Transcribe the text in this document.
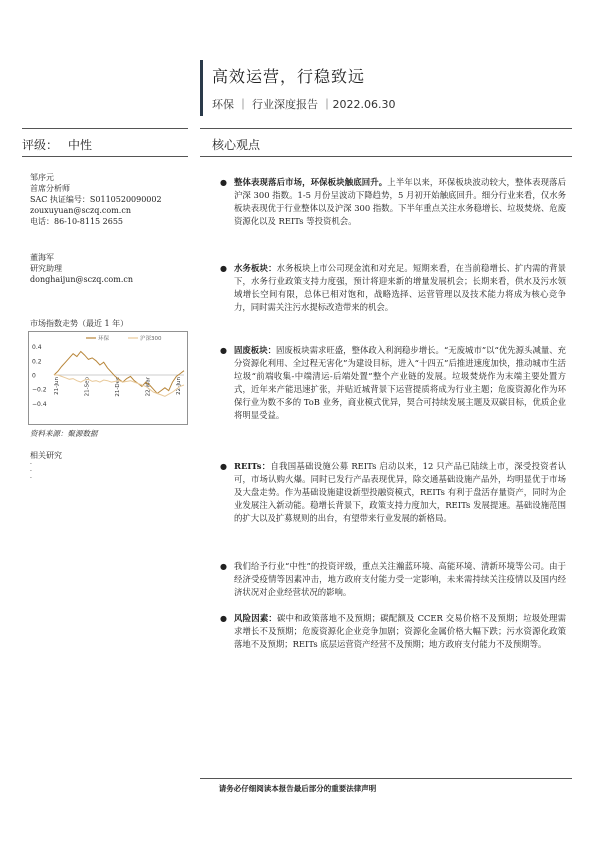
高效运营，行稳致远
环保 ｜ 行业深度报告 ｜2022.06.30
评级： 中性	核心观点
邹序元
首席分析师
SAC 执证编号：S0110520090002
zouxuyuan@sczq.com.cn
电话：86-10-8115 2655
董海军
研究助理
donghaijun@sczq.com.cn
市场指数走势（最近 1 年）
0.4
0.2
0
−0.2
−0.4
21-Jun	21-Sep	21-Dec	22-Mar	22-Jun
环保	沪深300
资料来源：聚源数据
相关研究
·
·
·
● 整体表现落后市场，环保板块触底回升。上半年以来，环保板块波动较大，整体表现落后沪深 300 指数。1-5 月份呈波动下降趋势，5 月初开始触底回升。细分行业来看，仅水务板块表现优于行业整体以及沪深 300 指数。下半年重点关注水务稳增长、垃圾焚烧、危废资源化以及 REITs 等投资机会。
● 水务板块：水务板块上市公司现金流和对充足。短期来看，在当前稳增长、扩内需的背景下，水务行业政策支持力度强，预计将迎来新的增量发展机会；长期来看，供水及污水领域增长空间有限，总体已相对饱和，战略选择、运营管理以及技术能力将成为核心竞争力，同时需关注污水提标改造带来的机会。
● 固废板块：固废板块需求旺盛，整体政入利润稳步增长。“无废城市”以“优先源头减量、充分资源化利用、全过程无害化”为建设目标，进入“十四五”后推进速度加快，推动城市生活垃圾“前端收集-中端清运-后端处置”整个产业链的发展。垃圾焚烧作为末端主要处置方式，近年来产能迅速扩张，并贴近城背景下运营提质将成为行业主题；危废资源化作为环保行业为数不多的 ToB 业务，商业模式优异，契合可持续发展主题及双碳目标，优质企业将明显受益。
● REITs：自我国基础设施公募 REITs 启动以来，12 只产品已陆续上市，深受投资者认可，市场认购火爆。同时已发行产品表现优异，除交通基础设施产品外，均明显优于市场及大盘走势。作为基础设施建设新型投融资模式，REITs 有利于盘活存量资产，同时为企业发展注入新动能。稳增长背景下，政策支持力度加大，REITs 发展提速。基础设施范围的扩大以及扩募规则的出台，有望带来行业发展的新格局。
● 我们给予行业“中性”的投资评级，重点关注瀚蓝环境、高能环境、清新环境等公司。由于经济受疫情等因素冲击，地方政府支付能力受一定影响，未来需持续关注疫情以及国内经济状况对企业经营状况的影响。
● 风险因素：碳中和政策落地不及预期；碳配额及 CCER 交易价格不及预期；垃圾处理需求增长不及预期；危废资源化企业竞争加剧；资源化金属价格大幅下跌；污水资源化政策落地不及预期；REITs 底层运营资产经营不及预期；地方政府支付能力不及预期等。
请务必仔细阅读本报告最后部分的重要法律声明
